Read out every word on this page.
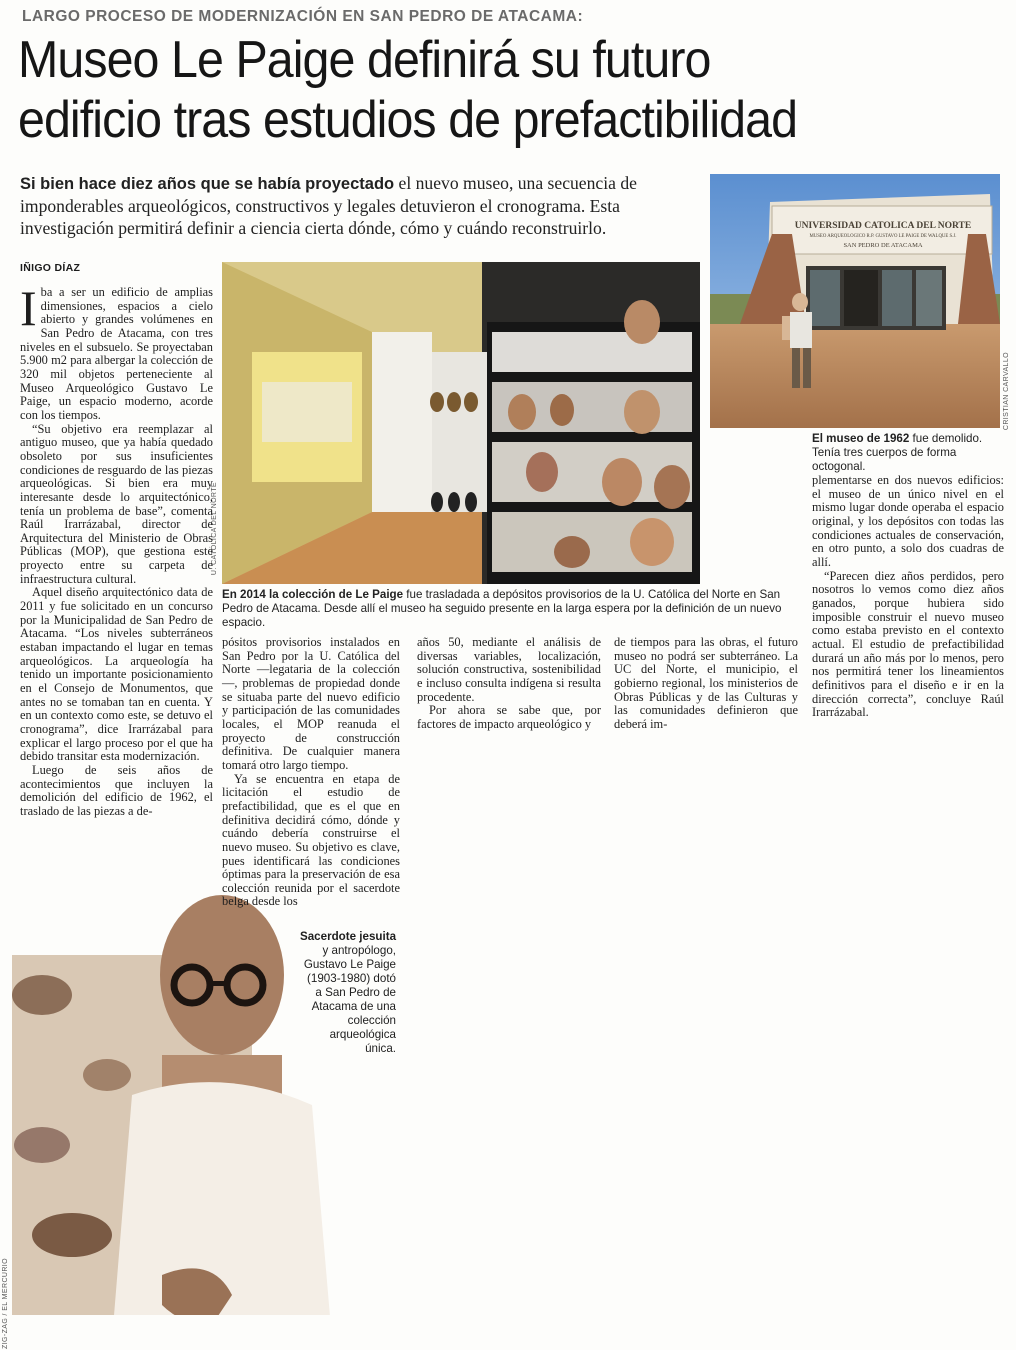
LARGO PROCESO DE MODERNIZACIÓN EN SAN PEDRO DE ATACAMA:
Museo Le Paige definirá su futuro
edificio tras estudios de prefactibilidad
Si bien hace diez años que se había proyectado el nuevo museo, una secuencia de imponderables arqueológicos, constructivos y legales detuvieron el cronograma. Esta investigación permitirá definir a ciencia cierta dónde, cómo y cuándo reconstruirlo.
IÑIGO DÍAZ
UNIVERSIDAD CATOLICA DEL NORTE
MUSEO ARQUEOLOGICO R.P. GUSTAVO LE PAIGE DE WALQUE S.J.
SAN PEDRO DE ATACAMA
CRISTIAN CARVALLO
El museo de 1962 fue demolido. Tenía tres cuerpos de forma octogonal.
U. CATÓLICA DEL NORTE
En 2014 la colección de Le Paige fue trasladada a depósitos provisorios de la U. Católica del Norte en San Pedro de Atacama. Desde allí el museo ha seguido presente en la larga espera por la definición de un nuevo espacio.
ZIG-ZAG / EL MERCURIO
Sacerdote jesuita y antropólogo, Gustavo Le Paige (1903-1980) dotó a San Pedro de Atacama de una colección arqueológica única.

Iba a ser un edificio de amplias dimensiones, espacios a cielo abierto y grandes volúmenes en San Pedro de Atacama, con tres niveles en el subsuelo. Se proyectaban 5.900 m2 para albergar la colección de 320 mil objetos perteneciente al Museo Arqueológico Gustavo Le Paige, un espacio moderno, acorde con los tiempos.

“Su objetivo era reemplazar al antiguo museo, que ya había quedado obsoleto por sus insuficientes condiciones de resguardo de las piezas arqueológicas. Si bien era muy interesante desde lo arquitectónico, tenía un problema de base”, comenta Raúl Irarrázabal, director de Arquitectura del Ministerio de Obras Públicas (MOP), que gestiona este proyecto entre su carpeta de infraestructura cultural.

Aquel diseño arquitectónico data de 2011 y fue solicitado en un concurso por la Municipalidad de San Pedro de Atacama. “Los niveles subterráneos estaban impactando el lugar en temas arqueológicos. La arqueología ha tenido un importante posicionamiento en el Consejo de Monumentos, que antes no se tomaban tan en cuenta. Y en un contexto como este, se detuvo el cronograma”, dice Irarrázabal para explicar el largo proceso por el que ha debido transitar esta modernización.

Luego de seis años de acontecimientos que incluyen la demolición del edificio de 1962, el traslado de las piezas a de-

pósitos provisorios instalados en San Pedro por la U. Católica del Norte —legataria de la colección—, problemas de propiedad donde se situaba parte del nuevo edificio y participación de las comunidades locales, el MOP reanuda el proyecto de construcción definitiva. De cualquier manera tomará otro largo tiempo.

Ya se encuentra en etapa de licitación el estudio de prefactibilidad, que es el que en definitiva decidirá cómo, dónde y cuándo debería construirse el nuevo museo. Su objetivo es clave, pues identificará las condiciones óptimas para la preservación de esa colección reunida por el sacerdote belga desde los

años 50, mediante el análisis de diversas variables, localización, solución constructiva, sostenibilidad e incluso consulta indígena si resulta procedente.

Por ahora se sabe que, por factores de impacto arqueológico y

de tiempos para las obras, el futuro museo no podrá ser subterráneo. La UC del Norte, el municipio, el gobierno regional, los ministerios de Obras Públicas y de las Culturas y las comunidades definieron que deberá im-

plementarse en dos nuevos edificios: el museo de un único nivel en el mismo lugar donde operaba el espacio original, y los depósitos con todas las condiciones actuales de conservación, en otro punto, a solo dos cuadras de allí.

“Parecen diez años perdidos, pero nosotros lo vemos como diez años ganados, porque hubiera sido imposible construir el nuevo museo como estaba previsto en el contexto actual. El estudio de prefactibilidad durará un año más por lo menos, pero nos permitirá tener los lineamientos definitivos para el diseño e ir en la dirección correcta”, concluye Raúl Irarrázabal.
